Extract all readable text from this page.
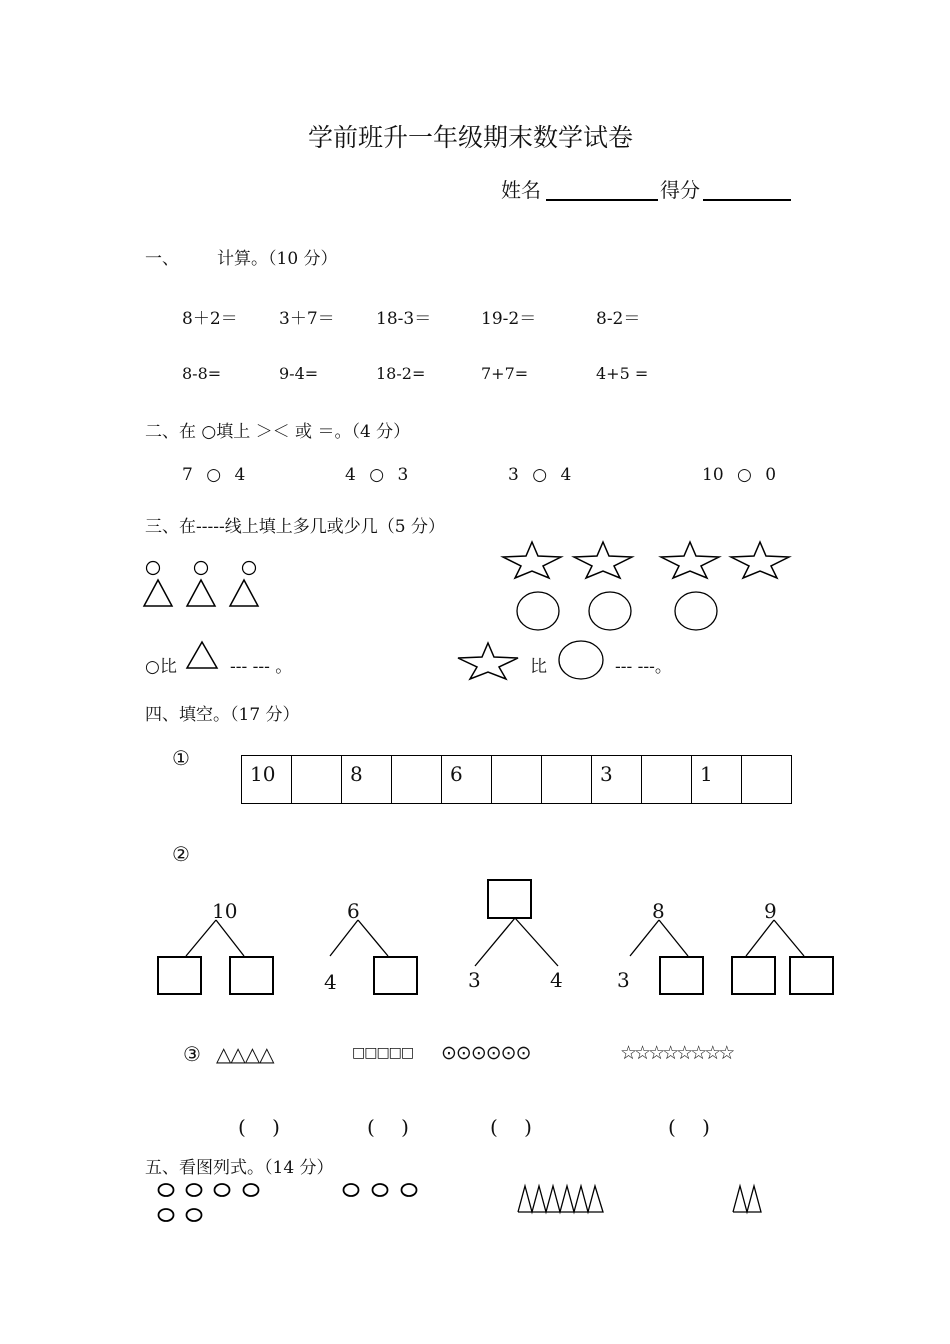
学前班升一年级期末数学试卷
姓名	得分
一、 计算。（10 分）
8＋2＝ 3＋7＝ 18-3＝	19-2＝	8-2＝
8-8=	9-4=	18-2=	7+7=	4+5 =
二、在 ○填上 ＞＜ 或 ＝。（4 分）
7 ○ 4	4 ○ 3	3 ○ 4	10 ○ 0
三、在-----线上填上多几或少几（5 分）
○比	--- --- 。	比	--- ---。
四、填空。（17 分）
①
10		8		6			3		1	
②
10	6
4	3	4
8
3
9
③ △△△△	□□□□□ ⊙⊙⊙⊙⊙⊙	☆☆☆☆☆☆☆☆
(　 )	(　 )	(　 )	(　 )
五、看图列式。（14 分）
